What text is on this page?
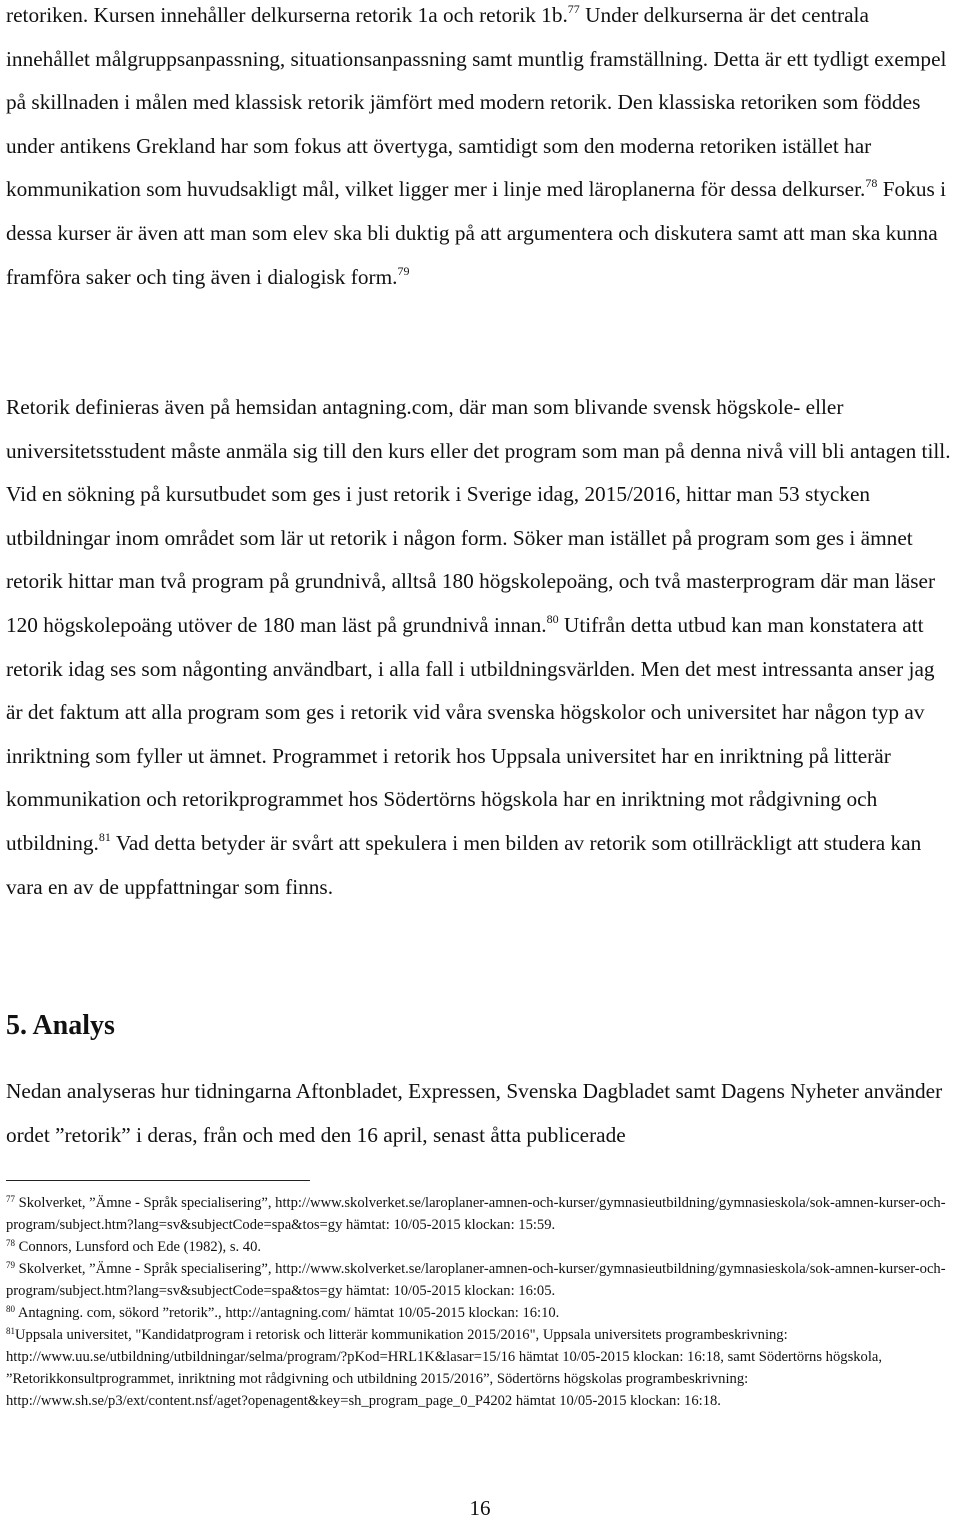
retoriken. Kursen innehåller delkurserna retorik 1a och retorik 1b.$^{77}$ Under delkurserna är det centrala innehållet målgruppsanpassning, situationsanpassning samt muntlig framställning. Detta är ett tydligt exempel på skillnaden i målen med klassisk retorik jämfört med modern retorik. Den klassiska retoriken som föddes under antikens Grekland har som fokus att övertyga, samtidigt som den moderna retoriken istället har kommunikation som huvudsakligt mål, vilket ligger mer i linje med läroplanerna för dessa delkurser.$^{78}$ Fokus i dessa kurser är även att man som elev ska bli duktig på att argumentera och diskutera samt att man ska kunna framföra saker och ting även i dialogisk form.$^{79}$

Retorik definieras även på hemsidan antagning.com, där man som blivande svensk högskole- eller universitetsstudent måste anmäla sig till den kurs eller det program som man på denna nivå vill bli antagen till. Vid en sökning på kursutbudet som ges i just retorik i Sverige idag, 2015/2016, hittar man 53 stycken utbildningar inom området som lär ut retorik i någon form. Söker man istället på program som ges i ämnet retorik hittar man två program på grundnivå, alltså 180 högskolepoäng, och två masterprogram där man läser 120 högskolepoäng utöver de 180 man läst på grundnivå innan.$^{80}$ Utifrån detta utbud kan man konstatera att retorik idag ses som någonting användbart, i alla fall i utbildningsvärlden. Men det mest intressanta anser jag är det faktum att alla program som ges i retorik vid våra svenska högskolor och universitet har någon typ av inriktning som fyller ut ämnet. Programmet i retorik hos Uppsala universitet har en inriktning på litterär kommunikation och retorikprogrammet hos Södertörns högskola har en inriktning mot rådgivning och utbildning.$^{81}$ Vad detta betyder är svårt att spekulera i men bilden av retorik som otillräckligt att studera kan vara en av de uppfattningar som finns.

5. Analys

Nedan analyseras hur tidningarna Aftonbladet, Expressen, Svenska Dagbladet samt Dagens Nyheter använder ordet ”retorik” i deras, från och med den 16 april, senast åtta publicerade

$^{77}$ Skolverket, ”Ämne - Språk specialisering”, http://www.skolverket.se/laroplaner-amnen-och-kurser/gymnasieutbildning/gymnasieskola/sok-amnen-kurser-och-program/subject.htm?lang=sv&subjectCode=spa&tos=gy hämtat: 10/05-2015 klockan: 15:59.

$^{78}$ Connors, Lunsford och Ede (1982), s. 40.

$^{79}$ Skolverket, ”Ämne - Språk specialisering”, http://www.skolverket.se/laroplaner-amnen-och-kurser/gymnasieutbildning/gymnasieskola/sok-amnen-kurser-och-program/subject.htm?lang=sv&subjectCode=spa&tos=gy hämtat: 10/05-2015 klockan: 16:05.

$^{80}$ Antagning. com, sökord ”retorik”., http://antagning.com/ hämtat 10/05-2015 klockan: 16:10.

$^{81}$Uppsala universitet, "Kandidatprogram i retorisk och litterär kommunikation 2015/2016", Uppsala universitets programbeskrivning: http://www.uu.se/utbildning/utbildningar/selma/program/?pKod=HRL1K&lasar=15/16 hämtat 10/05-2015 klockan: 16:18, samt Södertörns högskola, ”Retorikkonsultprogrammet, inriktning mot rådgivning och utbildning 2015/2016”, Södertörns högskolas programbeskrivning: http://www.sh.se/p3/ext/content.nsf/aget?openagent&key=sh_program_page_0_P4202 hämtat 10/05-2015 klockan: 16:18.

16
